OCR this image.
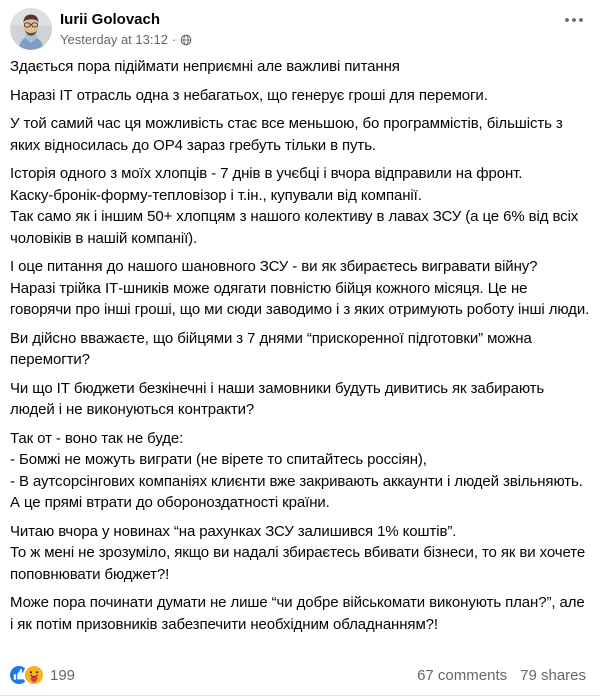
Iurii Golovach
Yesterday at 13:12 ·
Здається пора підіймати неприємні але важливі питання
Наразі ІТ отрасль одна з небагатьох, що генерує гроші для перемоги.
У той самий час ця можливість стає все меньшою, бо программістів, більшість з яких відносилась до ОР4 зараз гребуть тільки в путь.
Історія одного з моїх хлопців - 7 днів в учєбці і вчора відправили на фронт.
Каску-бронік-форму-тепловізор і т.ін., купували від компанії.
Так само як і іншим 50+ хлопцям з нашого колективу в лавах ЗСУ (а це 6% від всіх чоловіків в нашій компанії).
І оце питання до нашого шановного ЗСУ - ви як збираєтесь вигравати війну?
Наразі трійка ІТ-шників може одягати повністю бійця кожного місяця. Це не говорячи про інші гроші, що ми сюди заводимо і з яких отримують роботу інші люди.
Ви дійсно вважаєте, що бійцями з 7 днями “прискоренної підготовки” можна перемогти?
Чи що ІТ бюджети безкінечні і наши замовники будуть дивитись як забирають людей і не виконуються контракти?
Так от - воно так не буде:
- Бомжі не можуть виграти (не вірете то спитайтесь россіян),
- В аутсорсінгових компаніях клиєнти вже закривають аккаунти і людей звільняють. А це прямі втрати до обороноздатності країни.
Читаю вчора у новинах “на рахунках ЗСУ залишився 1% коштів”.
То ж мені не зрозуміло, якщо ви надалі збираєтесь вбивати бізнеси, то як ви хочете поповнювати бюджет?!
Може пора починати думати не лише “чи добре військомати виконують план?”, але і як потім призовників забезпечити необхідним обладнанням?!
199	67 comments 79 shares
